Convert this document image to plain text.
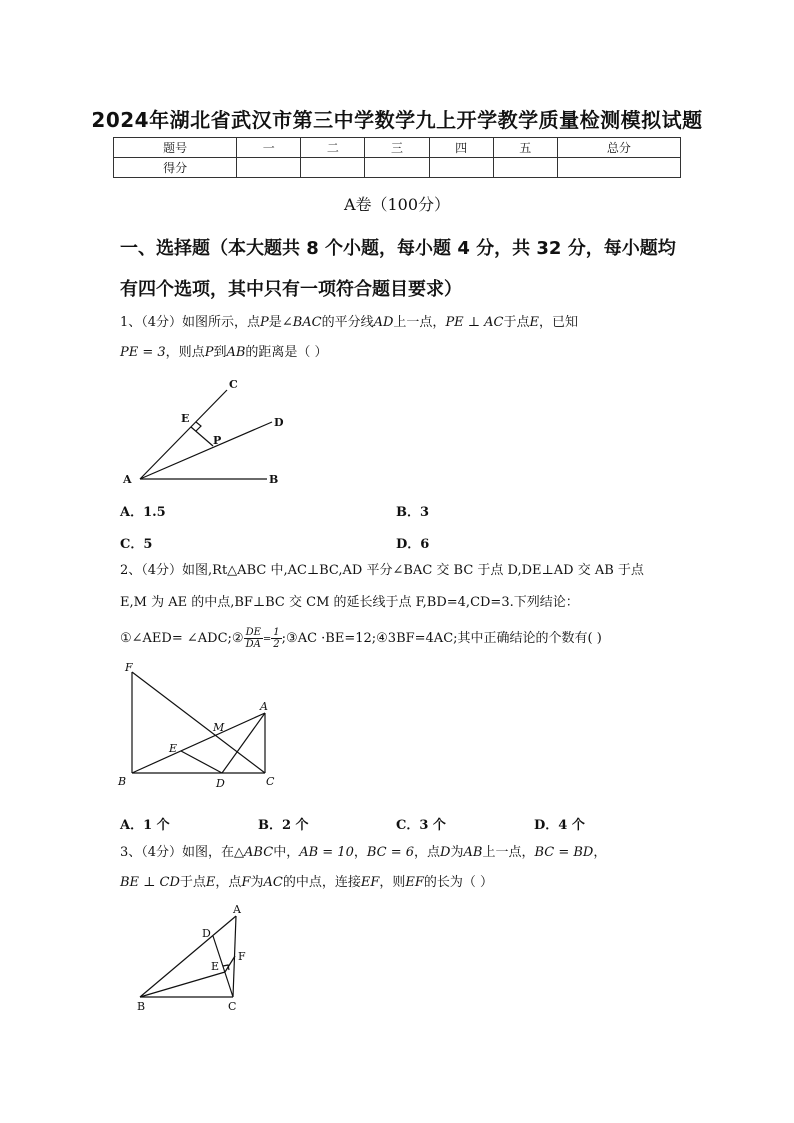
2024年湖北省武汉市第三中学数学九上开学教学质量检测模拟试题
题号	一	二	三	四	五	总分
得分						
A卷（100分）
一、选择题（本大题共 8 个小题，每小题 4 分，共 32 分，每小题均
有四个选项，其中只有一项符合题目要求）
1、（4分）如图所示，点P是∠BAC的平分线AD上一点，PE ⊥ AC于点E，已知
PE = 3，则点P到AB的距离是（ ）
C
E	D
P
A	B
A．1.5	B．3
C．5	D．6
2、（4分）如图,Rt△ABC 中,AC⊥BC,AD 平分∠BAC 交 BC 于点 D,DE⊥AD 交 AB 于点
E,M 为 AE 的中点,BF⊥BC 交 CM 的延长线于点 F,BD=4,CD=3.下列结论：
①∠AED= ∠ADC;② $\frac{DE}{DA} = \frac{1}{2}$ ;③AC ·BE=12;④3BF=4AC;其中正确结论的个数有( )
F
A
M
E
B	D	C
A．1 个	B．2 个	C．3 个	D．4 个
3、（4分）如图，在△ABC中，AB = 10，BC = 6，点D为AB上一点，BC = BD，
BE ⊥ CD于点E，点F为AC的中点，连接EF，则EF的长为（ ）
A
D
F
E
B	C
